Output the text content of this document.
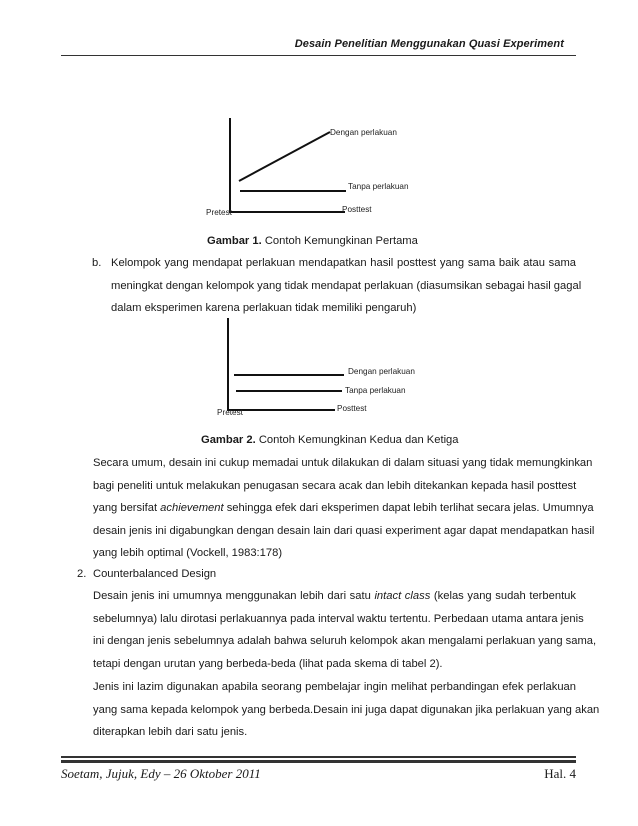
Desain Penelitian Menggunakan Quasi Experiment
Dengan perlakuan
Tanpa perlakuan
Pretest	Posttest
Gambar 1. Contoh Kemungkinan Pertama
b. Kelompok yang mendapat perlakuan mendapatkan hasil posttest yang sama baik atau sama
meningkat dengan kelompok yang tidak mendapat perlakuan (diasumsikan sebagai hasil gagal
dalam eksperimen karena perlakuan tidak memiliki pengaruh)
Dengan perlakuan
Tanpa perlakuan
Pretest	Posttest
Gambar 2. Contoh Kemungkinan Kedua dan Ketiga
Secara umum, desain ini cukup memadai untuk dilakukan di dalam situasi yang tidak memungkinkan
bagi peneliti untuk melakukan penugasan secara acak dan lebih ditekankan kepada hasil posttest
yang bersifat achievement sehingga efek dari eksperimen dapat lebih terlihat secara jelas. Umumnya
desain jenis ini digabungkan dengan desain lain dari quasi experiment agar dapat mendapatkan hasil
yang lebih optimal (Vockell, 1983:178)
2. Counterbalanced Design
Desain jenis ini umumnya menggunakan lebih dari satu intact class (kelas yang sudah terbentuk
sebelumnya) lalu dirotasi perlakuannya pada interval waktu tertentu. Perbedaan utama antara jenis
ini dengan jenis sebelumnya adalah bahwa seluruh kelompok akan mengalami perlakuan yang sama,
tetapi dengan urutan yang berbeda-beda (lihat pada skema di tabel 2).
Jenis ini lazim digunakan apabila seorang pembelajar ingin melihat perbandingan efek perlakuan
yang sama kepada kelompok yang berbeda.Desain ini juga dapat digunakan jika perlakuan yang akan
diterapkan lebih dari satu jenis.
Soetam, Jujuk, Edy – 26 Oktober 2011	Hal. 4
